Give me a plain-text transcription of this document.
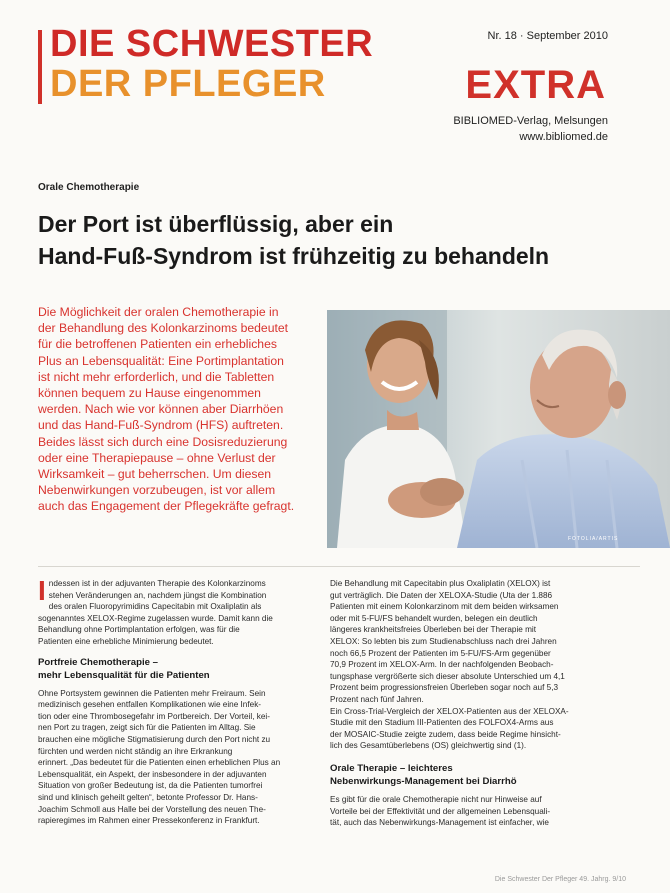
DIE SCHWESTER
DER PFLEGER
Nr. 18 · September 2010
EXTRA
BIBLIOMED-Verlag, Melsungen
www.bibliomed.de
Orale Chemotherapie
Der Port ist überflüssig, aber ein
Hand-Fuß-Syndrom ist frühzeitig zu behandeln
Die Möglichkeit der oralen Chemotherapie in
der Behandlung des Kolonkarzinoms bedeutet
für die betroffenen Patienten ein erhebliches
Plus an Lebensqualität: Eine Portimplantation
ist nicht mehr erforderlich, und die Tabletten
können bequem zu Hause eingenommen
werden. Nach wie vor können aber Diarrhöen
und das Hand-Fuß-Syndrom (HFS) auftreten.
Beides lässt sich durch eine Dosisreduzierung
oder eine Therapiepause – ohne Verlust der
Wirksamkeit – gut beherrschen. Um diesen
Nebenwirkungen vorzubeugen, ist vor allem
auch das Engagement der Pflegekräfte gefragt.
FOTOLIA/ARTIS
I ndessen ist in der adjuvanten Therapie des Kolonkarzinoms
stehen Veränderungen an, nachdem jüngst die Kombination
des oralen Fluoropyrimidins Capecitabin mit Oxaliplatin als
sogenanntes XELOX-Regime zugelassen wurde. Damit kann die
Behandlung ohne Portimplantation erfolgen, was für die
Patienten eine erhebliche Minimierung bedeutet.
Portfreie Chemotherapie –
mehr Lebensqualität für die Patienten
Ohne Portsystem gewinnen die Patienten mehr Freiraum. Sein
medizinisch gesehen entfallen Komplikationen wie eine Infek-
tion oder eine Thrombosegefahr im Portbereich. Der Vorteil, kei-
nen Port zu tragen, zeigt sich für die Patienten im Alltag. Sie
brauchen eine mögliche Stigmatisierung durch den Port nicht zu
fürchten und werden nicht ständig an ihre Erkrankung
erinnert. „Das bedeutet für die Patienten einen erheblichen Plus an
Lebensqualität, ein Aspekt, der insbesondere in der adjuvanten
Situation von großer Bedeutung ist, da die Patienten tumorfrei
sind und klinisch geheilt gelten“, betonte Professor Dr. Hans-
Joachim Schmoll aus Halle bei der Vorstellung des neuen The-
rapieregimes im Rahmen einer Pressekonferenz in Frankfurt.
Die Behandlung mit Capecitabin plus Oxaliplatin (XELOX) ist
gut verträglich. Die Daten der XELOXA-Studie (Uta der 1.886
Patienten mit einem Kolonkarzinom mit dem beiden wirksamen
oder mit 5-FU/FS behandelt wurden, belegen ein deutlich
längeres krankheitsfreies Überleben bei der Therapie mit
XELOX: So lebten bis zum Studienabschluss nach drei Jahren
noch 66,5 Prozent der Patienten im 5-FU/FS-Arm gegenüber
70,9 Prozent im XELOX-Arm. In der nachfolgenden Beobach-
tungsphase vergrößerte sich dieser absolute Unterschied um 4,1
Prozent beim progressionsfreien Überleben sogar noch auf 5,3
Prozent nach fünf Jahren.
Ein Cross-Trial-Vergleich der XELOX-Patienten aus der XELOXA-
Studie mit den Stadium III-Patienten des FOLFOX4-Arms aus
der MOSAIC-Studie zeigte zudem, dass beide Regime hinsicht-
lich des Gesamtüberlebens (OS) gleichwertig sind (1).
Orale Therapie – leichteres
Nebenwirkungs-Management bei Diarrhö
Es gibt für die orale Chemotherapie nicht nur Hinweise auf
Vorteile bei der Effektivität und der allgemeinen Lebensquali-
tät, auch das Nebenwirkungs-Management ist einfacher, wie
Die Schwester Der Pfleger 49. Jahrg. 9/10
